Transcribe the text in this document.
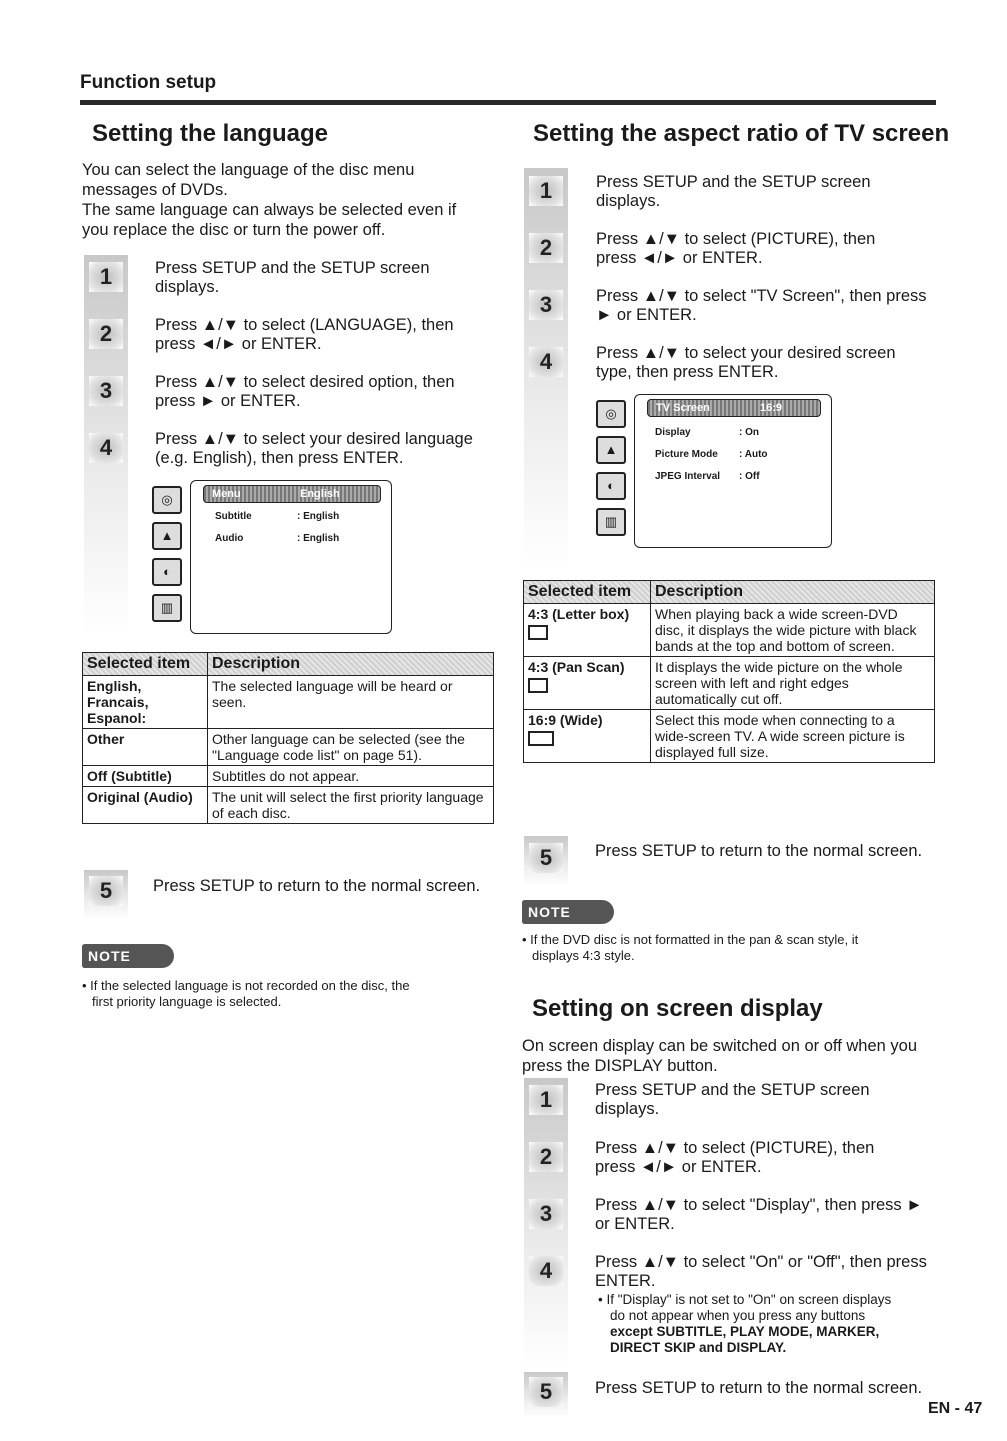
Function setup
Setting the language
You can select the language of the disc menu
messages of DVDs.
The same language can always be selected even if
you replace the disc or turn the power off.
1	Press SETUP and the SETUP screen
displays.
2	Press ▲/▼ to select (LANGUAGE), then
press ◄/► or ENTER.
3	Press ▲/▼ to select desired option, then
press ► or ENTER.
4	Press ▲/▼ to select your desired language
(e.g. English), then press ENTER.
Menu	English
Subtitle	: English
Audio	: English
◎
▲
◐
▥
Selected item	Description
English, Francais, Espanol:	The selected language will be heard or seen.
Other	Other language can be selected (see the "Language code list" on page 51).
Off (Subtitle)	Subtitles do not appear.
Original (Audio)	The unit will select the first priority language of each disc.
5	Press SETUP to return to the normal screen.
NOTE
• If the selected language is not recorded on the disc, the
first priority language is selected.
Setting the aspect ratio of TV screen
1	Press SETUP and the SETUP screen
displays.
2	Press ▲/▼ to select (PICTURE), then
press ◄/► or ENTER.
3	Press ▲/▼ to select "TV Screen", then press
► or ENTER.
4	Press ▲/▼ to select your desired screen
type, then press ENTER.
TV Screen	16:9
Display	: On
Picture Mode : Auto
JPEG Interval : Off
◎
▲
◐
▥
Selected item	Description

4:3 (Letter box)	When playing back a wide screen-DVD disc, it displays the wide picture with black bands at the top and bottom of screen.

4:3 (Pan Scan)	It displays the wide picture on the whole screen with left and right edges automatically cut off.

16:9 (Wide)	Select this mode when connecting to a wide-screen TV. A wide screen picture is displayed full size.
5	Press SETUP to return to the normal screen.
NOTE
• If the DVD disc is not formatted in the pan & scan style, it
displays 4:3 style.
Setting on screen display
On screen display can be switched on or off when you
press the DISPLAY button.
1	Press SETUP and the SETUP screen
displays.
2	Press ▲/▼ to select (PICTURE), then
press ◄/► or ENTER.
3	Press ▲/▼ to select "Display", then press ►
or ENTER.
4	Press ▲/▼ to select "On" or "Off", then press
ENTER.
• If "Display" is not set to "On" on screen displays
do not appear when you press any buttons
except SUBTITLE, PLAY MODE, MARKER,
DIRECT SKIP and DISPLAY.
5	Press SETUP to return to the normal screen.
EN - 47
